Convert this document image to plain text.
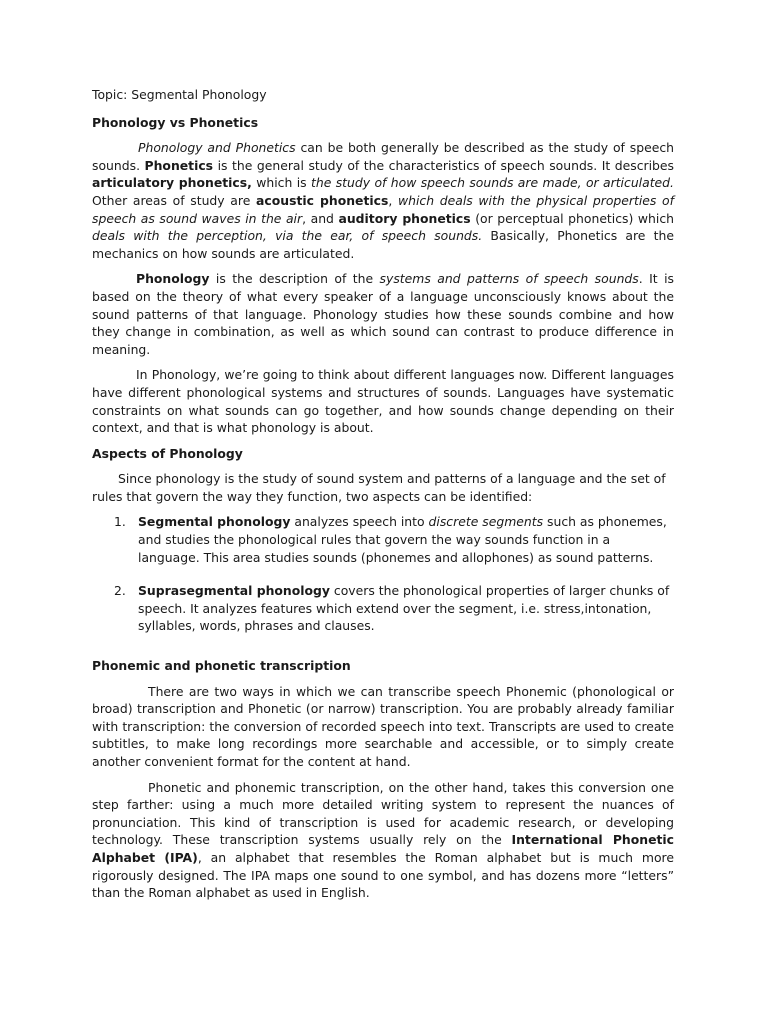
Topic: Segmental Phonology

Phonology vs Phonetics

Phonology and Phonetics can be both generally be described as the study of speech sounds. Phonetics is the general study of the characteristics of speech sounds. It describes articulatory phonetics, which is the study of how speech sounds are made, or articulated. Other areas of study are acoustic phonetics, which deals with the physical properties of speech as sound waves in the air, and auditory phonetics (or perceptual phonetics) which deals with the perception, via the ear, of speech sounds. Basically, Phonetics are the mechanics on how sounds are articulated.

Phonology is the description of the systems and patterns of speech sounds. It is based on the theory of what every speaker of a language unconsciously knows about the sound patterns of that language. Phonology studies how these sounds combine and how they change in combination, as well as which sound can contrast to produce difference in meaning.

In Phonology, we’re going to think about different languages now. Different languages have different phonological systems and structures of sounds. Languages have systematic constraints on what sounds can go together, and how sounds change depending on their context, and that is what phonology is about.

Aspects of Phonology

Since phonology is the study of sound system and patterns of a language and the set of rules that govern the way they function, two aspects can be identified:

1. Segmental phonology analyzes speech into discrete segments such as phonemes, and studies the phonological rules that govern the way sounds function in a language. This area studies sounds (phonemes and allophones) as sound patterns.
2. Suprasegmental phonology covers the phonological properties of larger chunks of speech. It analyzes features which extend over the segment, i.e. stress,intonation, syllables, words, phrases and clauses.

Phonemic and phonetic transcription

There are two ways in which we can transcribe speech Phonemic (phonological or broad) transcription and Phonetic (or narrow) transcription. You are probably already familiar with transcription: the conversion of recorded speech into text. Transcripts are used to create subtitles, to make long recordings more searchable and accessible, or to simply create another convenient format for the content at hand.

Phonetic and phonemic transcription, on the other hand, takes this conversion one step farther: using a much more detailed writing system to represent the nuances of pronunciation. This kind of transcription is used for academic research, or developing technology. These transcription systems usually rely on the International Phonetic Alphabet (IPA), an alphabet that resembles the Roman alphabet but is much more rigorously designed. The IPA maps one sound to one symbol, and has dozens more “letters” than the Roman alphabet as used in English.
